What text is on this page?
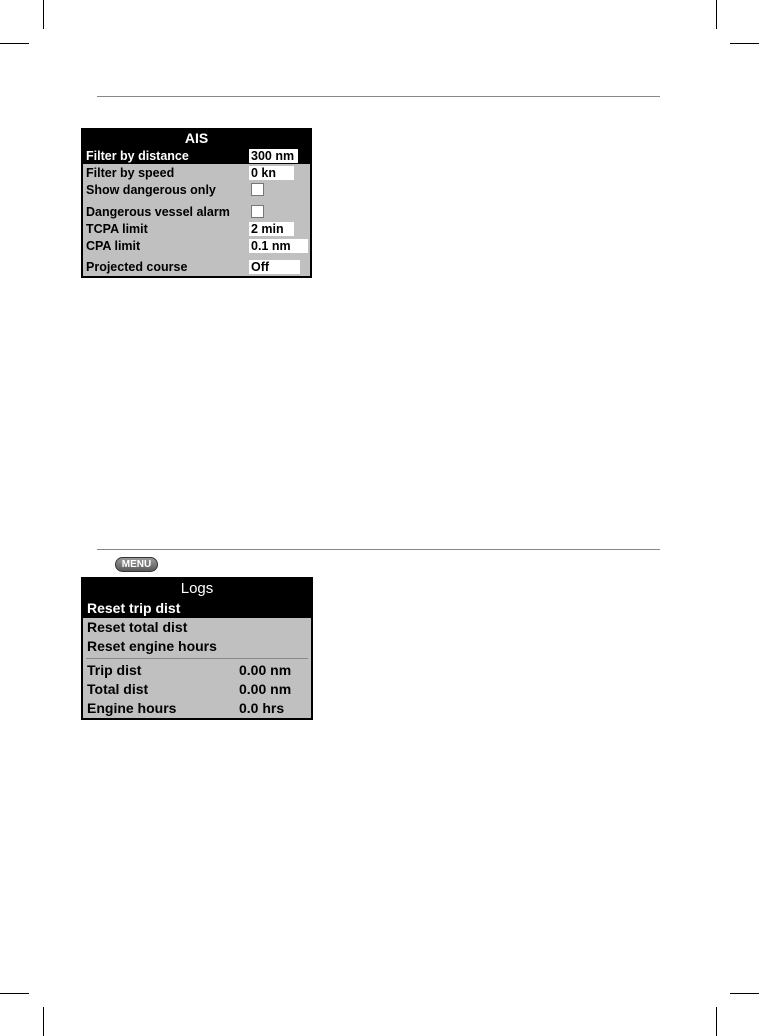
AIS
Filter by distance	300 nm
Filter by speed	0 kn
Show dangerous only
Dangerous vessel alarm
TCPA limit	2 min
CPA limit	0.1 nm
Projected course	Off
MENU
Logs
Reset trip dist
Reset total dist
Reset engine hours
Trip dist	0.00 nm
Total dist	0.00 nm
Engine hours	0.0 hrs
